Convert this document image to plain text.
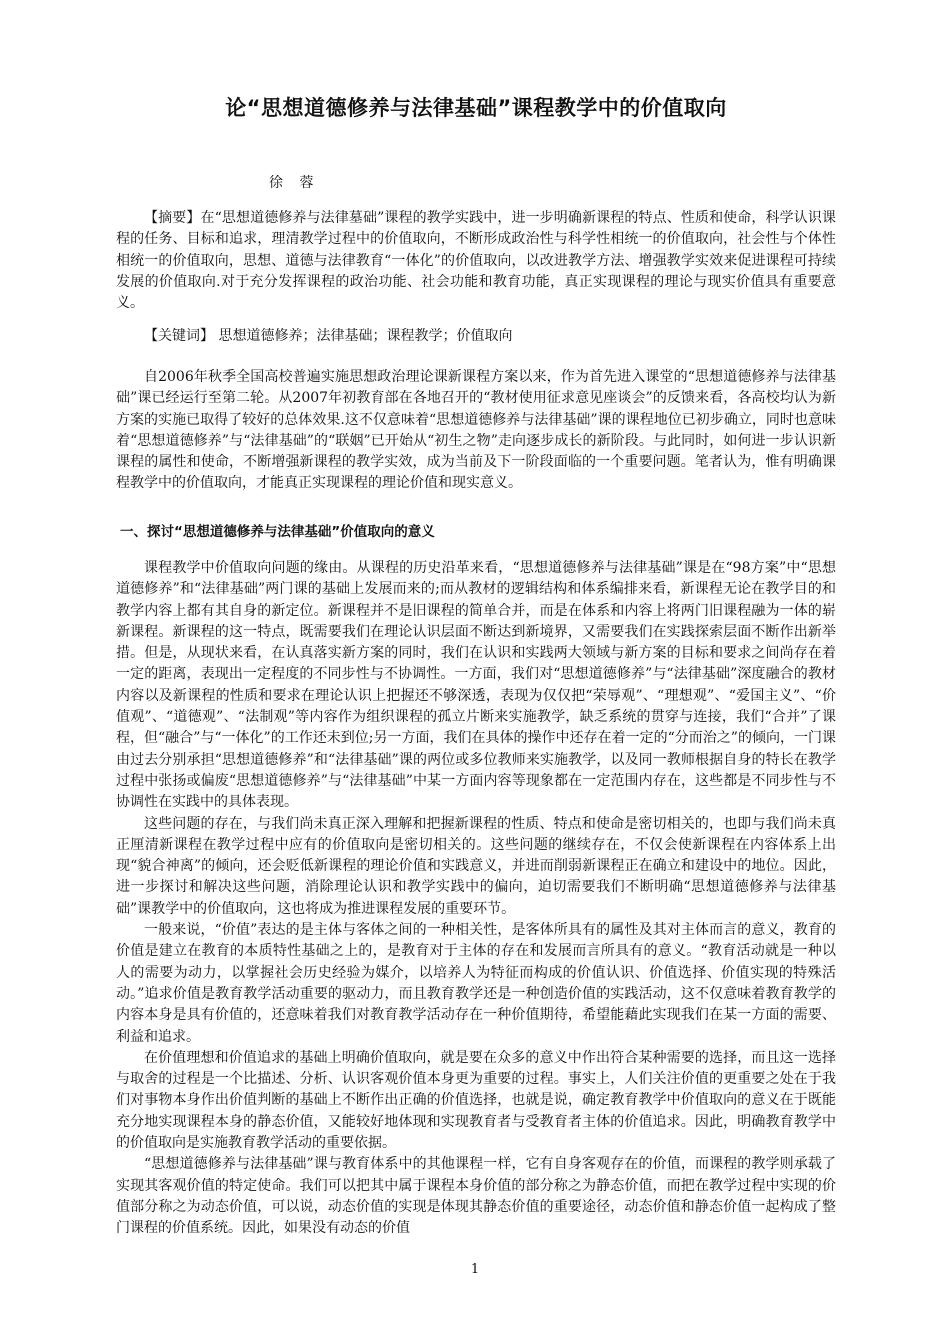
论“思想道德修养与法律基础”课程教学中的价值取向
徐 蓉

【摘要】在“思想道德修养与法律墓础”课程的教学实践中，进一步明确新课程的特点、性质和使命，科学认识课程的任务、目标和追求，理清教学过程中的价值取向，不断形成政治性与科学性相统一的价值取向，社会性与个体性相统一的价值取向，思想、道德与法律教育“一体化”的价值取向，以改进教学方法、增强教学实效来促进课程可持续发展的价值取向.对于充分发挥课程的政治功能、社会功能和教育功能，真正实现课程的理论与现实价值具有重要意义。

【关键词】 思想道德修养；法律基础；课程教学；价值取向

自2006年秋季全国高校普遍实施思想政治理论课新课程方案以来，作为首先进入课堂的“思想道德修养与法律基础”课已经运行至第二轮。从2007年初教育部在各地召开的“教材使用征求意见座谈会”的反馈来看，各高校均认为新方案的实施已取得了较好的总体效果.这不仅意味着“思想道德修养与法律基础”课的课程地位已初步确立，同时也意味着“思想道德修养”与“法律基础”的“联姻”已开始从“初生之物”走向逐步成长的新阶段。与此同时，如何进一步认识新课程的属性和使命，不断增强新课程的教学实效，成为当前及下一阶段面临的一个重要问题。笔者认为，惟有明确课程教学中的价值取向，才能真正实现课程的理论价值和现实意义。

一、探讨“思想道德修养与法律基础”价值取向的意义

课程教学中价值取向问题的缘由。从课程的历史沿革来看，“思想道德修养与法律基础”课是在“98方案”中“思想道德修养”和“法律基础”两门课的基础上发展而来的;而从教材的逻辑结构和体系编排来看，新课程无论在教学目的和教学内容上都有其自身的新定位。新课程并不是旧课程的简单合并，而是在体系和内容上将两门旧课程融为一体的崭新课程。新课程的这一特点，既需要我们在理论认识层面不断达到新境界，又需要我们在实践探索层面不断作出新举措。但是，从现状来看，在认真落实新方案的同时，我们在认识和实践两大领域与新方案的目标和要求之间尚存在着一定的距离，表现出一定程度的不同步性与不协调性。一方面，我们对“思想道德修养”与“法律基础”深度融合的教材内容以及新课程的性质和要求在理论认识上把握还不够深透，表现为仅仅把“荣辱观”、“理想观”、“爱国主义”、“价值观”、“道德观”、“法制观”等内容作为组织课程的孤立片断来实施教学，缺乏系统的贯穿与连接，我们“合并”了课程，但“融合”与“一体化”的工作还未到位;另一方面，我们在具体的操作中还存在着一定的“分而治之”的倾向，一门课由过去分别承担“思想道德修养”和“法律基础”课的两位或多位教师来实施教学，以及同一教师根据自身的特长在教学过程中张扬或偏废“思想道德修养”与“法律基础”中某一方面内容等现象都在一定范围内存在，这些都是不同步性与不协调性在实践中的具体表现。

这些问题的存在，与我们尚未真正深入理解和把握新课程的性质、特点和使命是密切相关的，也即与我们尚未真正厘清新课程在教学过程中应有的价值取向是密切相关的。这些问题的继续存在，不仅会使新课程在内容体系上出现“貌合神离”的倾向，还会贬低新课程的理论价值和实践意义，并进而削弱新课程正在确立和建设中的地位。因此，进一步探讨和解决这些问题，消除理论认识和教学实践中的偏向，迫切需要我们不断明确“思想道德修养与法律基础”课教学中的价值取向，这也将成为推进课程发展的重要环节。

一般来说，“价值”表达的是主体与客体之间的一种相关性，是客体所具有的属性及其对主体而言的意义，教育的价值是建立在教育的本质特性基础之上的，是教育对于主体的存在和发展而言所具有的意义。“教育活动就是一种以人的需要为动力，以掌握社会历史经验为媒介，以培养人为特征而构成的价值认识、价值选择、价值实现的特殊活动。”追求价值是教育教学活动重要的驱动力，而且教育教学还是一种创造价值的实践活动，这不仅意味着教育教学的内容本身是具有价值的，还意味着我们对教育教学活动存在一种价值期待，希望能藉此实现我们在某一方面的需要、利益和追求。

在价值理想和价值追求的基础上明确价值取向，就是要在众多的意义中作出符合某种需要的选择，而且这一选择与取舍的过程是一个比描述、分析、认识客观价值本身更为重要的过程。事实上，人们关注价值的更重要之处在于我们对事物本身作出价值判断的基础上不断作出正确的价值选择，也就是说，确定教育教学中价值取向的意义在于既能充分地实现课程本身的静态价值，又能较好地体现和实现教育者与受教育者主体的价值追求。因此，明确教育教学中的价值取向是实施教育教学活动的重要依据。

“思想道德修养与法律基础”课与教育体系中的其他课程一样，它有自身客观存在的价值，而课程的教学则承载了实现其客观价值的特定使命。我们可以把其中属于课程本身价值的部分称之为静态价值，而把在教学过程中实现的价值部分称之为动态价值，可以说，动态价值的实现是体现其静态价值的重要途径，动态价值和静态价值一起构成了整门课程的价值系统。因此，如果没有动态的价值

1
